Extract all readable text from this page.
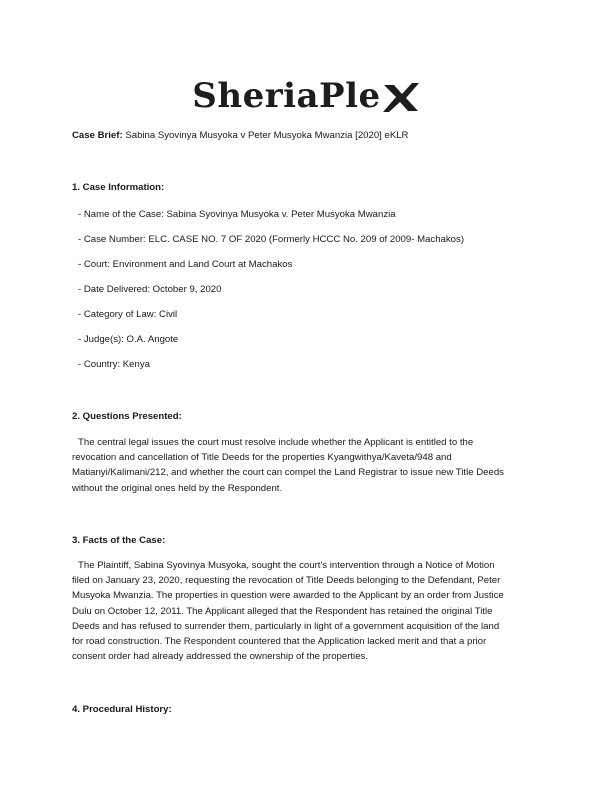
SheriaPle
Case Brief: Sabina Syovinya Musyoka v Peter Musyoka Mwanzia [2020] eKLR
1. Case Information:
- Name of the Case: Sabina Syovinya Musyoka v. Peter Musyoka Mwanzia
- Case Number: ELC. CASE NO. 7 OF 2020 (Formerly HCCC No. 209 of 2009- Machakos)
- Court: Environment and Land Court at Machakos
- Date Delivered: October 9, 2020
- Category of Law: Civil
- Judge(s): O.A. Angote
- Country: Kenya
2. Questions Presented:
The central legal issues the court must resolve include whether the Applicant is entitled to the
revocation and cancellation of Title Deeds for the properties Kyangwithya/Kaveta/948 and
Matianyi/Kalimani/212, and whether the court can compel the Land Registrar to issue new Title Deeds
without the original ones held by the Respondent.
3. Facts of the Case:
The Plaintiff, Sabina Syovinya Musyoka, sought the court's intervention through a Notice of Motion
filed on January 23, 2020, requesting the revocation of Title Deeds belonging to the Defendant, Peter
Musyoka Mwanzia. The properties in question were awarded to the Applicant by an order from Justice
Dulu on October 12, 2011. The Applicant alleged that the Respondent has retained the original Title
Deeds and has refused to surrender them, particularly in light of a government acquisition of the land
for road construction. The Respondent countered that the Application lacked merit and that a prior
consent order had already addressed the ownership of the properties.
4. Procedural History:
